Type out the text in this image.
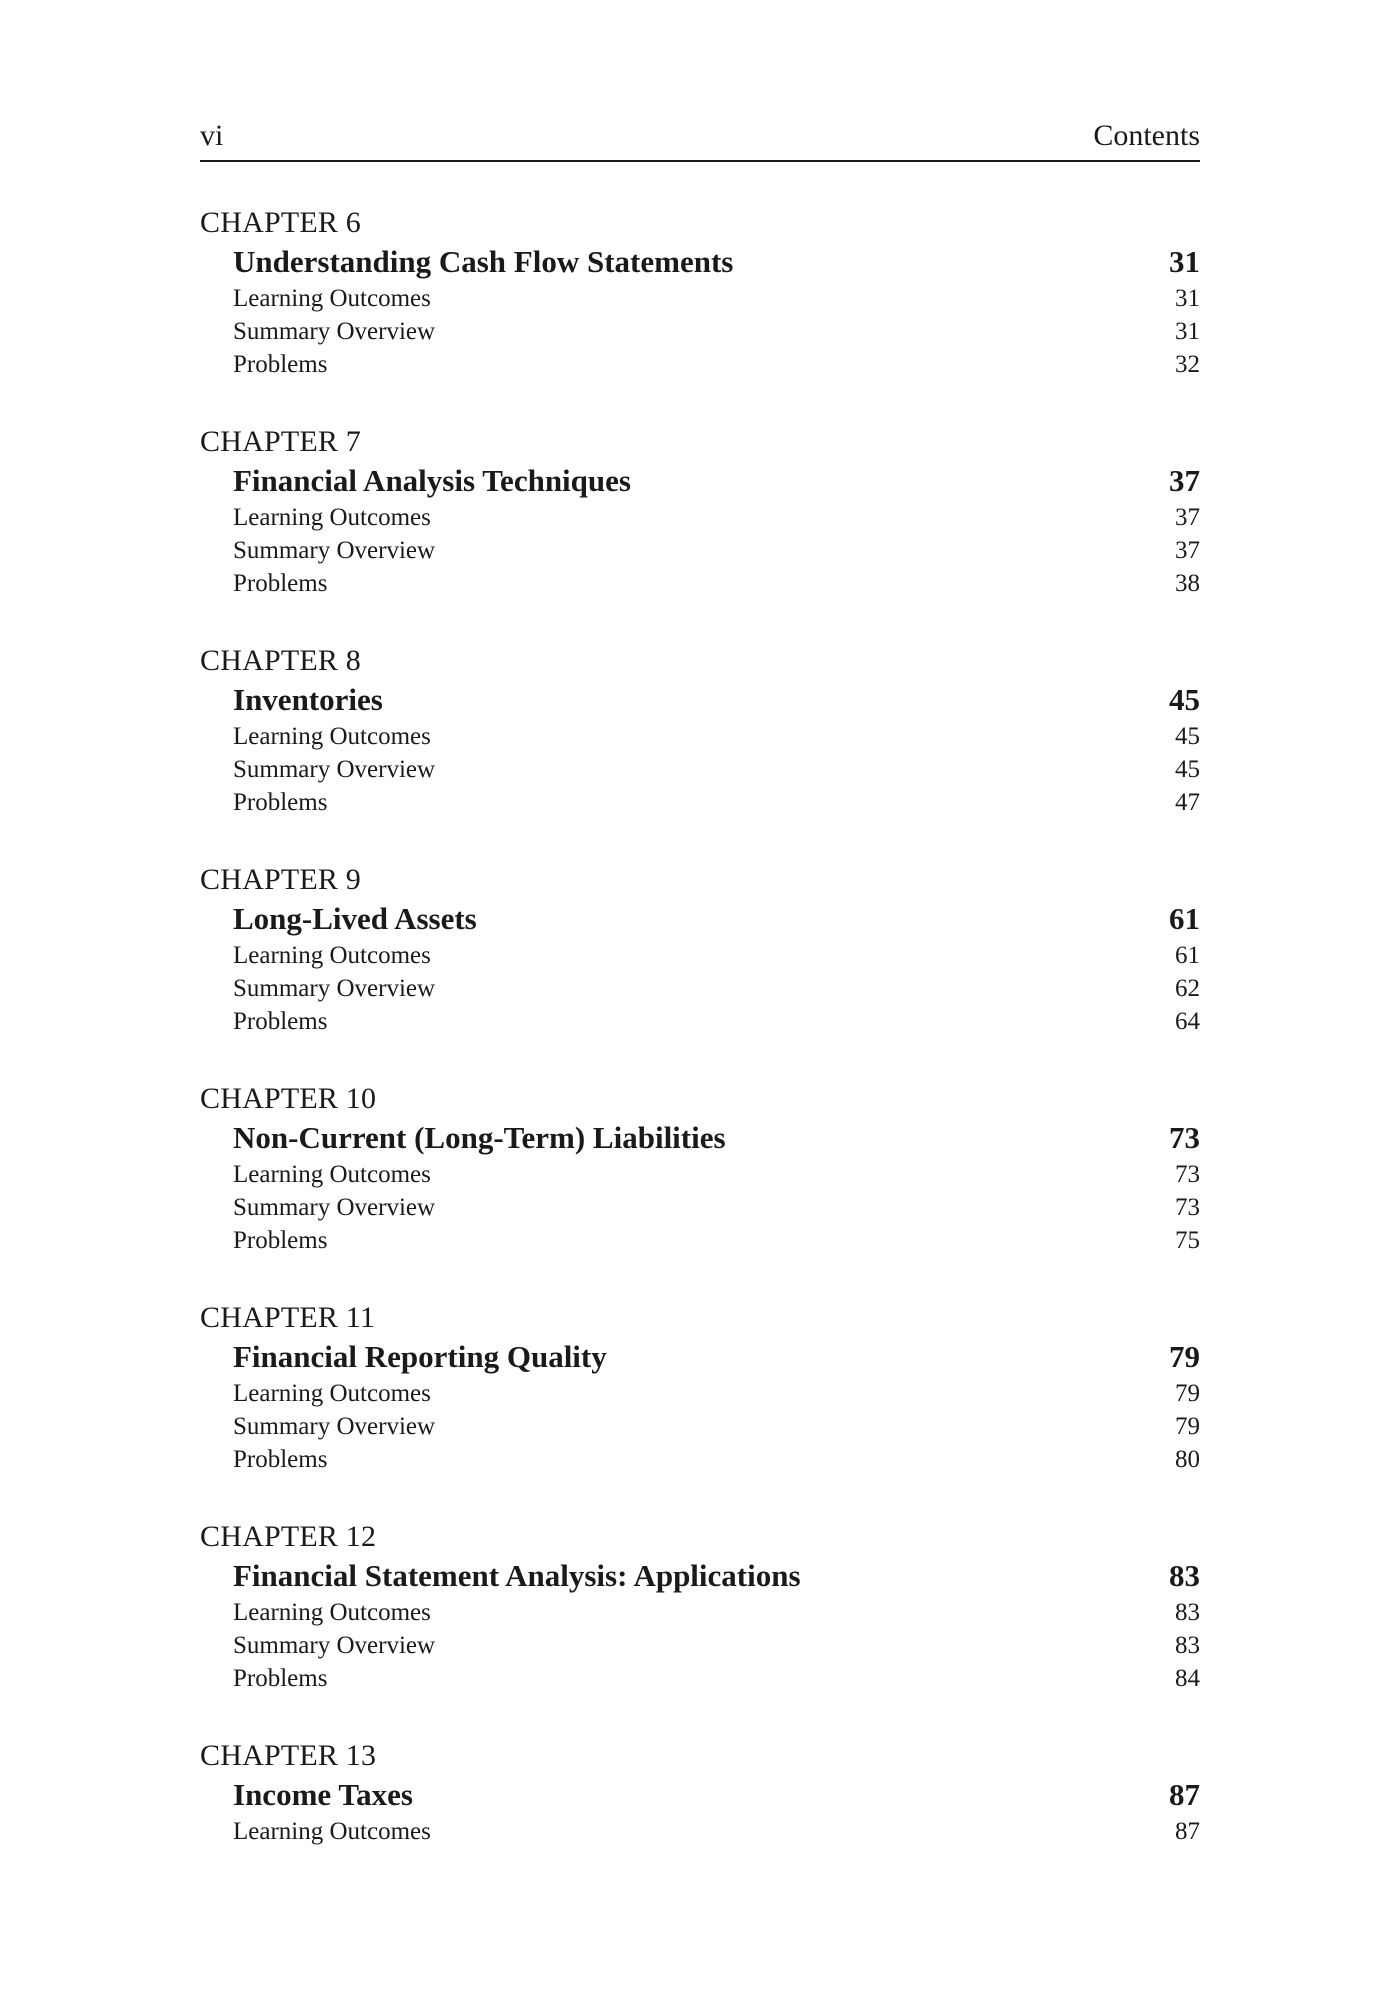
vi	Contents
CHAPTER 6
Understanding Cash Flow Statements	31
Learning Outcomes	31
Summary Overview	31
Problems	32
CHAPTER 7
Financial Analysis Techniques	37
Learning Outcomes	37
Summary Overview	37
Problems	38
CHAPTER 8
Inventories	45
Learning Outcomes	45
Summary Overview	45
Problems	47
CHAPTER 9
Long-Lived Assets	61
Learning Outcomes	61
Summary Overview	62
Problems	64
CHAPTER 10
Non-Current (Long-Term) Liabilities	73
Learning Outcomes	73
Summary Overview	73
Problems	75
CHAPTER 11
Financial Reporting Quality	79
Learning Outcomes	79
Summary Overview	79
Problems	80
CHAPTER 12
Financial Statement Analysis: Applications	83
Learning Outcomes	83
Summary Overview	83
Problems	84
CHAPTER 13
Income Taxes	87
Learning Outcomes	87
